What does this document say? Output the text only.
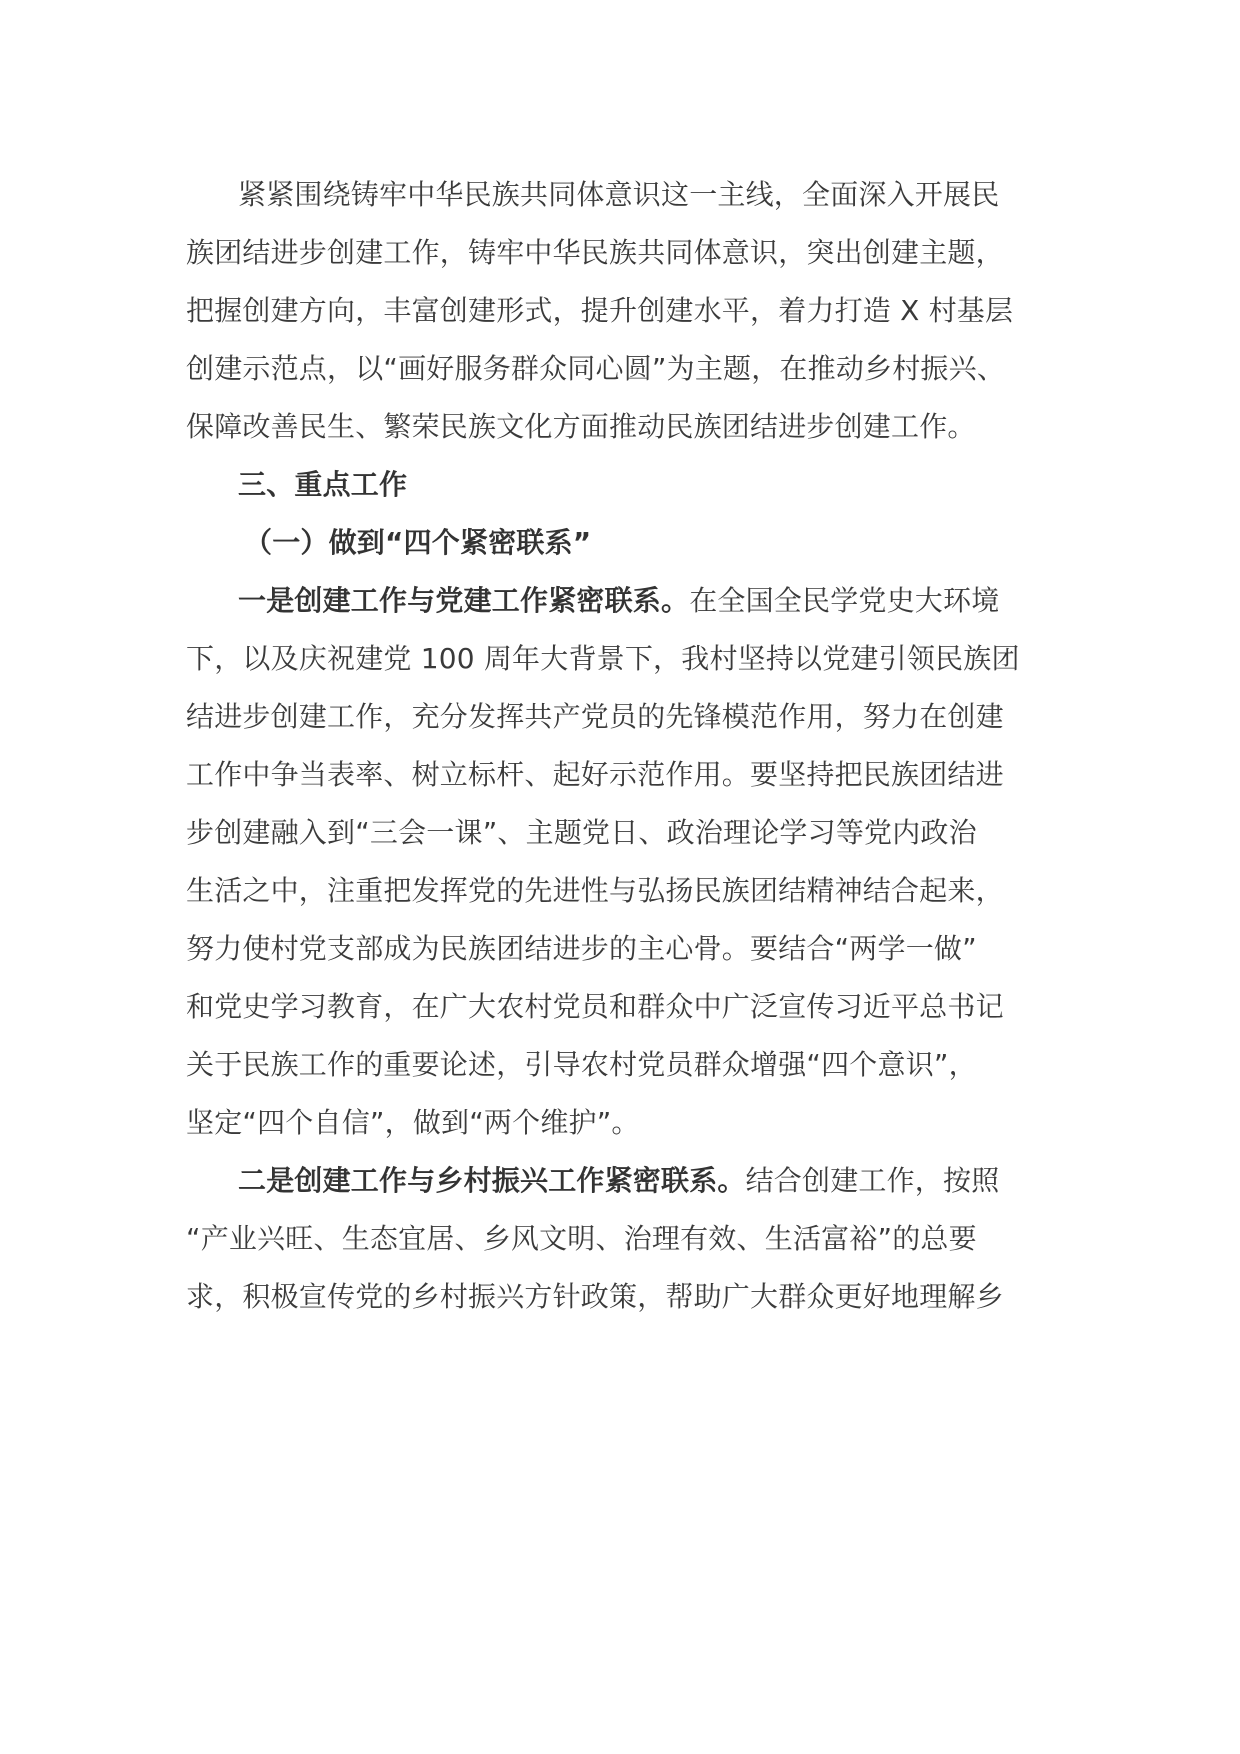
紧紧围绕铸牢中华民族共同体意识这一主线，全面深入开展民
族团结进步创建工作，铸牢中华民族共同体意识，突出创建主题，
把握创建方向，丰富创建形式，提升创建水平，着力打造 X 村基层
创建示范点，以“画好服务群众同心圆”为主题，在推动乡村振兴、
保障改善民生、繁荣民族文化方面推动民族团结进步创建工作。
三、重点工作
（一）做到“四个紧密联系”
一是创建工作与党建工作紧密联系。在全国全民学党史大环境
下，以及庆祝建党 100 周年大背景下，我村坚持以党建引领民族团
结进步创建工作，充分发挥共产党员的先锋模范作用，努力在创建
工作中争当表率、树立标杆、起好示范作用。要坚持把民族团结进
步创建融入到“三会一课”、主题党日、政治理论学习等党内政治
生活之中，注重把发挥党的先进性与弘扬民族团结精神结合起来，
努力使村党支部成为民族团结进步的主心骨。要结合“两学一做”
和党史学习教育，在广大农村党员和群众中广泛宣传习近平总书记
关于民族工作的重要论述，引导农村党员群众增强“四个意识”，
坚定“四个自信”，做到“两个维护”。
二是创建工作与乡村振兴工作紧密联系。结合创建工作，按照
“产业兴旺、生态宜居、乡风文明、治理有效、生活富裕”的总要
求，积极宣传党的乡村振兴方针政策，帮助广大群众更好地理解乡
